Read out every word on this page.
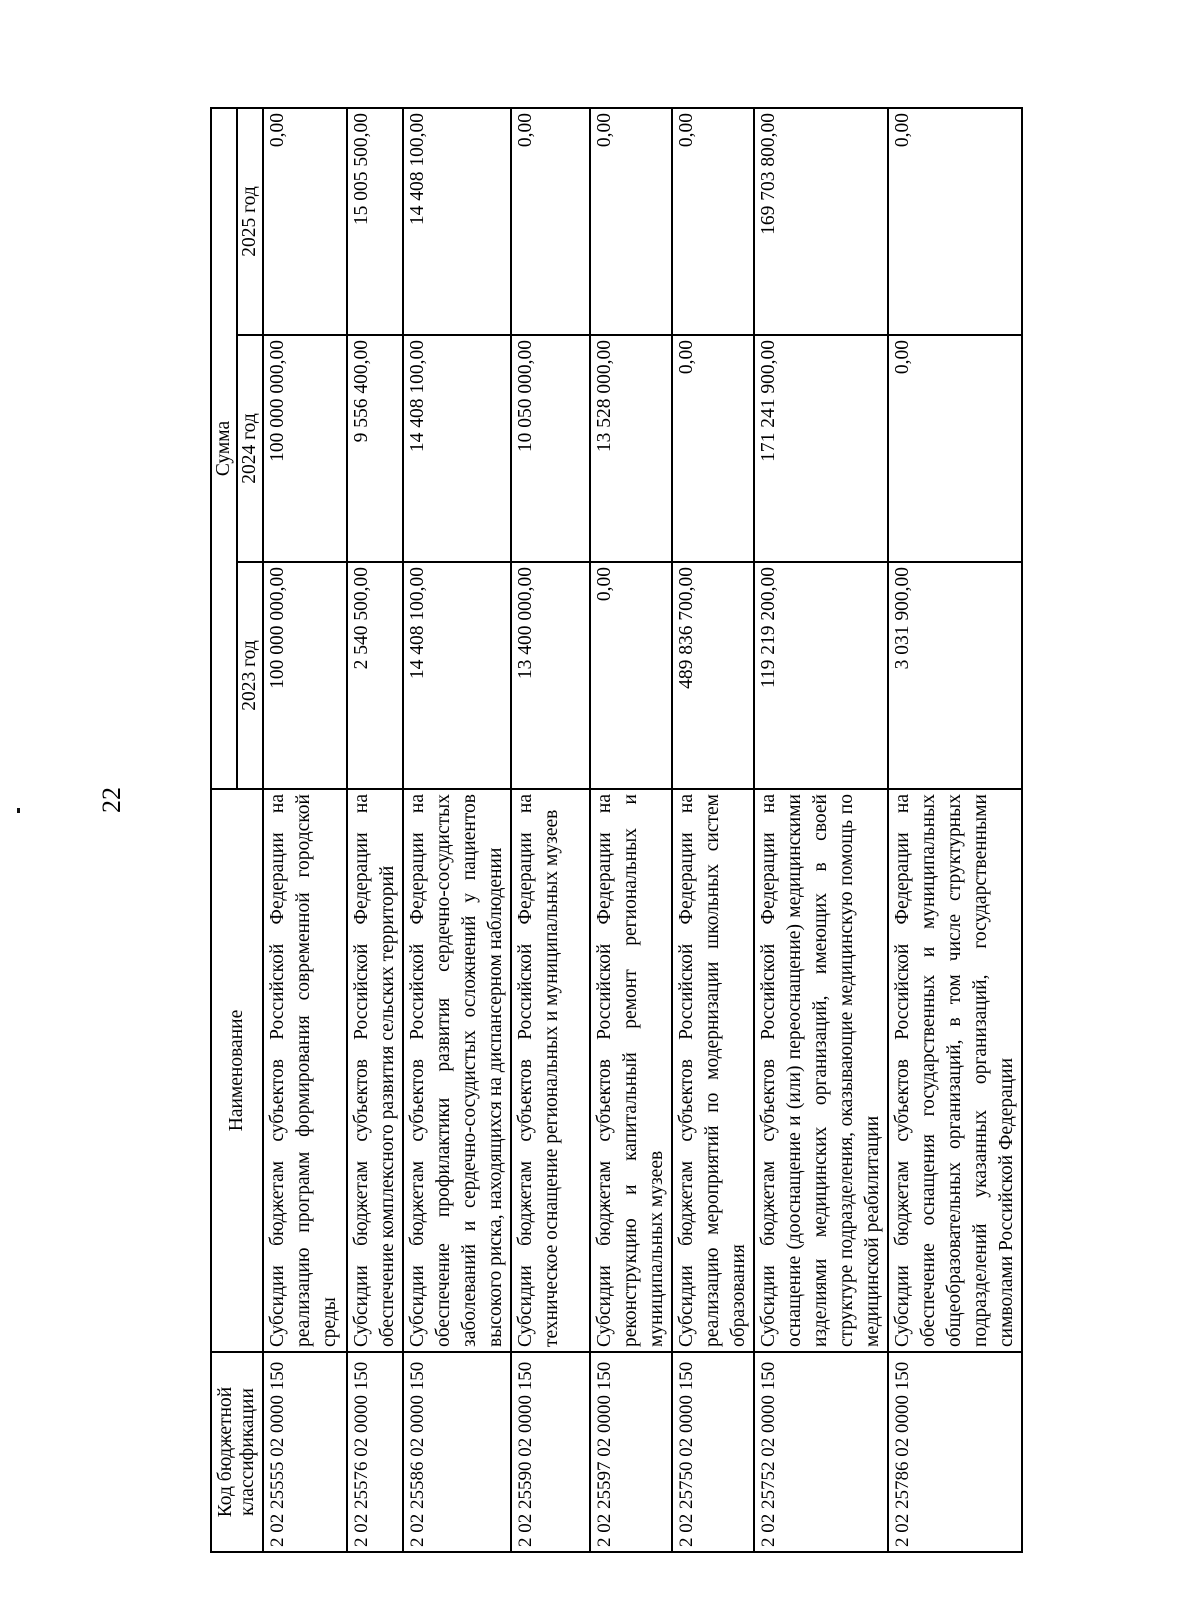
22
Код бюджетной классификации	Наименование	Сумма		
		2023 год	2024 год	2025 год
2 02 25555 02 0000 150	Субсидии бюджетам субъектов Российской Федерации на реализацию программ формирования современной городской среды	100 000 000,00	100 000 000,00	0,00
2 02 25576 02 0000 150	Субсидии бюджетам субъектов Российской Федерации на обеспечение комплексного развития сельских территорий	2 540 500,00	9 556 400,00	15 005 500,00
2 02 25586 02 0000 150	Субсидии бюджетам субъектов Российской Федерации на обеспечение профилактики развития сердечно-сосудистых заболеваний и сердечно-сосудистых осложнений у пациентов высокого риска, находящихся на диспансерном наблюдении	14 408 100,00	14 408 100,00	14 408 100,00
2 02 25590 02 0000 150	Субсидии бюджетам субъектов Российской Федерации на техническое оснащение региональных и муниципальных музеев	13 400 000,00	10 050 000,00	0,00
2 02 25597 02 0000 150	Субсидии бюджетам субъектов Российской Федерации на реконструкцию и капитальный ремонт региональных и муниципальных музеев	0,00	13 528 000,00	0,00
2 02 25750 02 0000 150	Субсидии бюджетам субъектов Российской Федерации на реализацию мероприятий по модернизации школьных систем образования	489 836 700,00	0,00	0,00
2 02 25752 02 0000 150	Субсидии бюджетам субъектов Российской Федерации на оснащение (дооснащение и (или) переоснащение) медицинскими изделиями медицинских организаций, имеющих в своей структуре подразделения, оказывающие медицинскую помощь по медицинской реабилитации	119 219 200,00	171 241 900,00	169 703 800,00
2 02 25786 02 0000 150	Субсидии бюджетам субъектов Российской Федерации на обеспечение оснащения государственных и муниципальных общеобразовательных организаций, в том числе структурных подразделений указанных организаций, государственными символами Российской Федерации	3 031 900,00	0,00	0,00
